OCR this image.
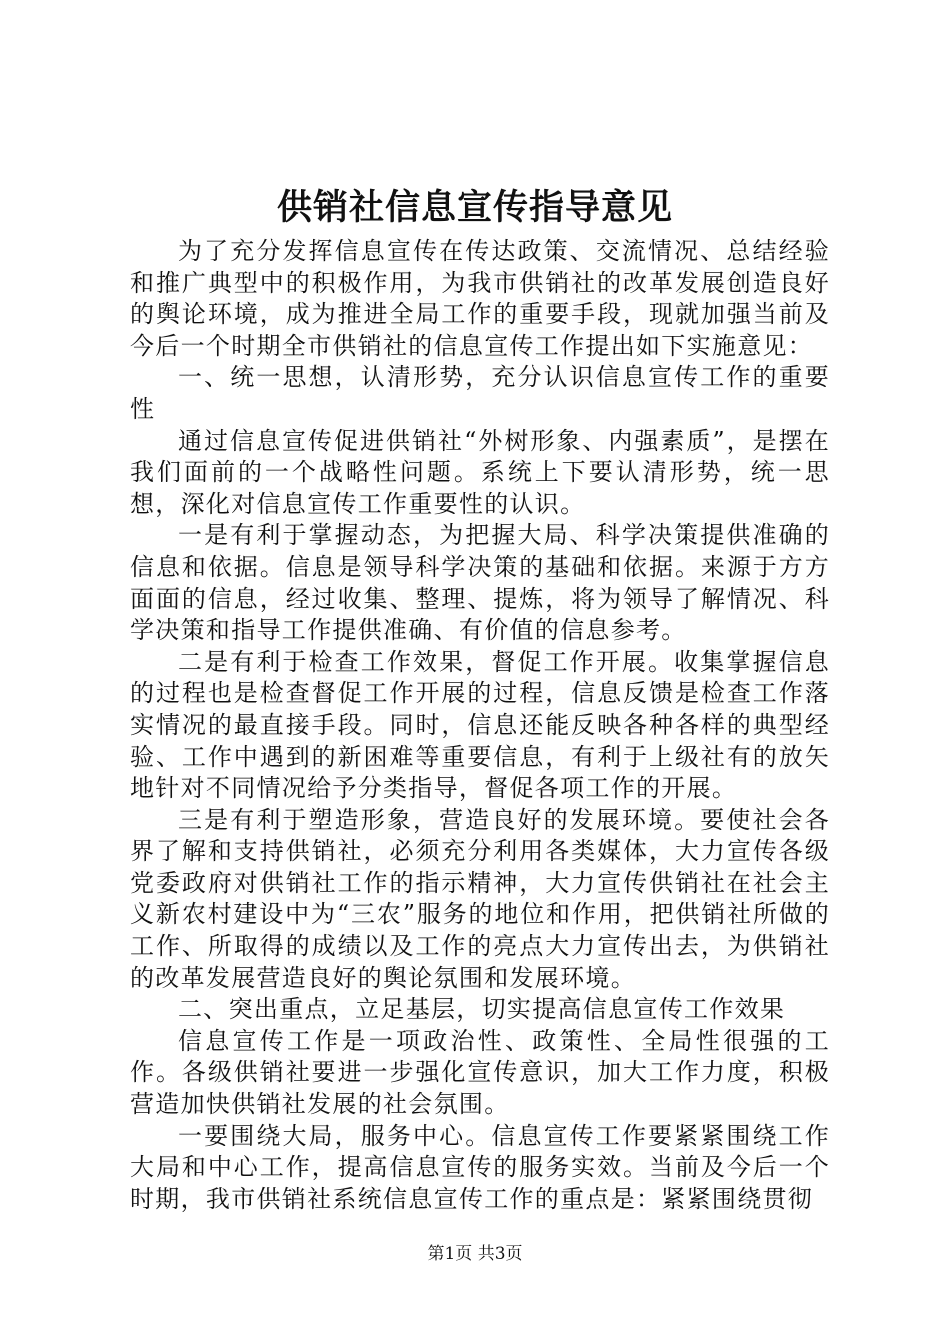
供销社信息宣传指导意见

为了充分发挥信息宣传在传达政策、交流情况、总结经验和推广典型中的积极作用，为我市供销社的改革发展创造良好的舆论环境，成为推进全局工作的重要手段，现就加强当前及今后一个时期全市供销社的信息宣传工作提出如下实施意见：

一、统一思想，认清形势，充分认识信息宣传工作的重要性

通过信息宣传促进供销社“外树形象、内强素质”，是摆在我们面前的一个战略性问题。系统上下要认清形势，统一思想，深化对信息宣传工作重要性的认识。

一是有利于掌握动态，为把握大局、科学决策提供准确的信息和依据。信息是领导科学决策的基础和依据。来源于方方面面的信息，经过收集、整理、提炼，将为领导了解情况、科学决策和指导工作提供准确、有价值的信息参考。

二是有利于检查工作效果，督促工作开展。收集掌握信息的过程也是检查督促工作开展的过程，信息反馈是检查工作落实情况的最直接手段。同时，信息还能反映各种各样的典型经验、工作中遇到的新困难等重要信息，有利于上级社有的放矢地针对不同情况给予分类指导，督促各项工作的开展。

三是有利于塑造形象，营造良好的发展环境。要使社会各界了解和支持供销社，必须充分利用各类媒体，大力宣传各级党委政府对供销社工作的指示精神，大力宣传供销社在社会主义新农村建设中为“三农”服务的地位和作用，把供销社所做的工作、所取得的成绩以及工作的亮点大力宣传出去，为供销社的改革发展营造良好的舆论氛围和发展环境。

二、突出重点，立足基层，切实提高信息宣传工作效果

信息宣传工作是一项政治性、政策性、全局性很强的工作。各级供销社要进一步强化宣传意识，加大工作力度，积极营造加快供销社发展的社会氛围。

一要围绕大局，服务中心。信息宣传工作要紧紧围绕工作大局和中心工作，提高信息宣传的服务实效。当前及今后一个时期，我市供销社系统信息宣传工作的重点是：紧紧围绕贯彻

第1页 共3页
